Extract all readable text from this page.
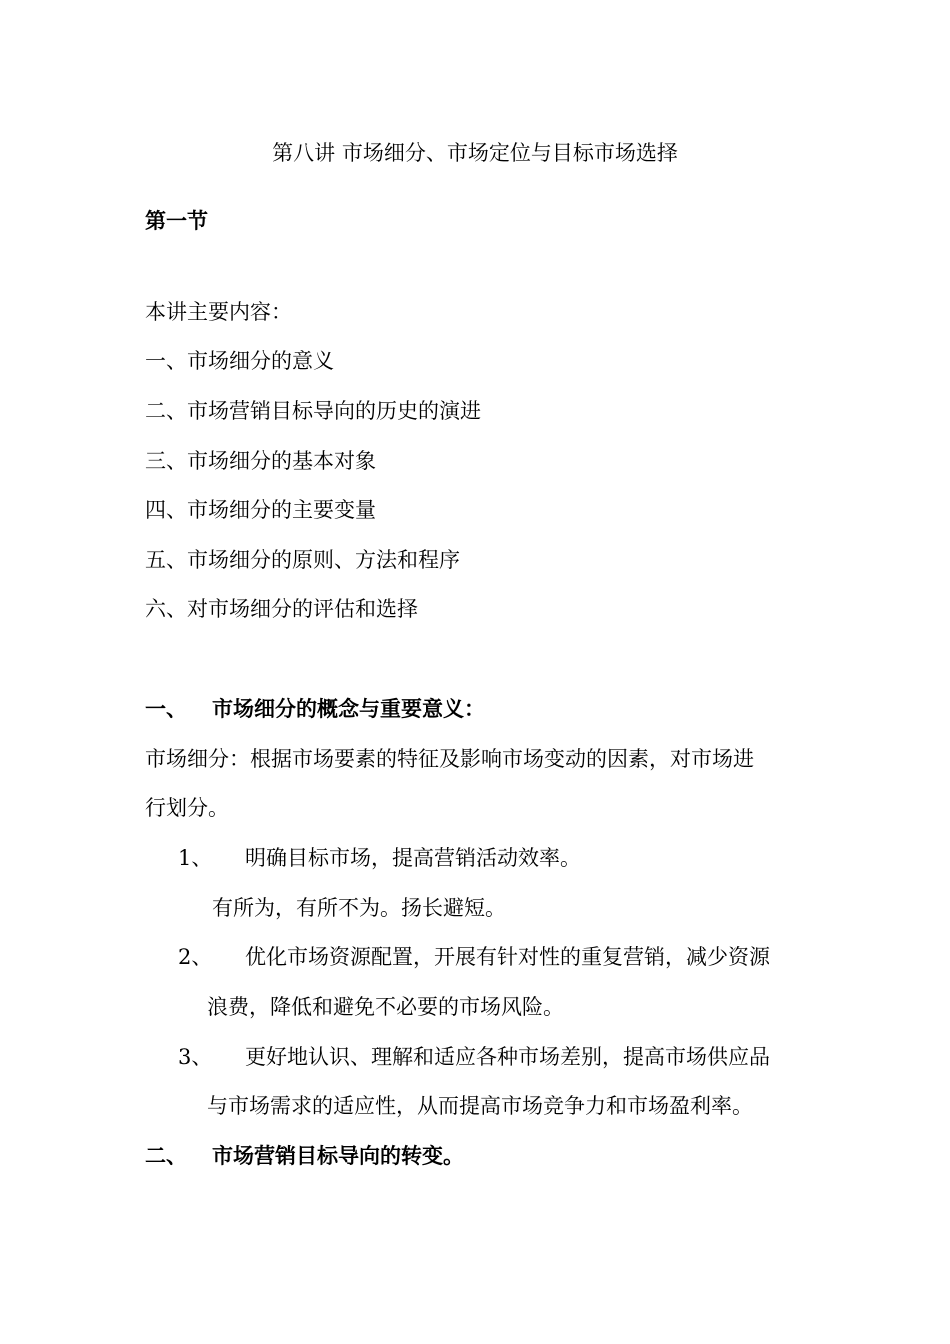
第八讲 市场细分、市场定位与目标市场选择
第一节
本讲主要内容：
一、市场细分的意义
二、市场营销目标导向的历史的演进
三、市场细分的基本对象
四、市场细分的主要变量
五、市场细分的原则、方法和程序
六、对市场细分的评估和选择
一、 市场细分的概念与重要意义：
市场细分：根据市场要素的特征及影响市场变动的因素，对市场进
行划分。
1、 明确目标市场，提高营销活动效率。
有所为，有所不为。扬长避短。
2、 优化市场资源配置，开展有针对性的重复营销，减少资源
浪费，降低和避免不必要的市场风险。
3、 更好地认识、理解和适应各种市场差别，提高市场供应品
与市场需求的适应性，从而提高市场竞争力和市场盈利率。
二、 市场营销目标导向的转变。
